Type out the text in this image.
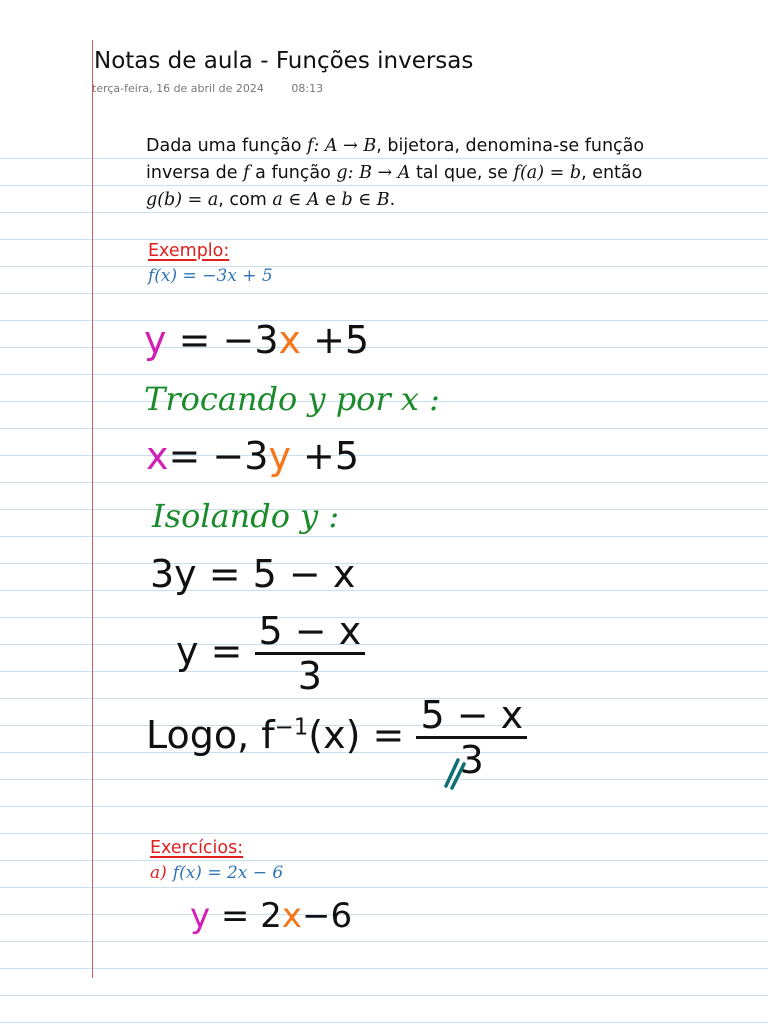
Notas de aula - Funções inversas
terça-feira, 16 de abril de 2024	08:13
Dada uma função f: A → B, bijetora, denomina-se função
inversa de f a função g: B → A tal que, se f(a) = b, então
g(b) = a, com a ∈ A e b ∈ B.
Exemplo:
f(x) = −3x + 5
y = −3x +5
Trocando y por x :
x= −3y +5
Isolando y :
3y = 5 − x
$y = \frac{5 - x}{3}$
Logo, $f^{-1}(x) = \frac{5 - x}{3}$
Exercícios:
a) f(x) = 2x − 6
y = 2x−6
